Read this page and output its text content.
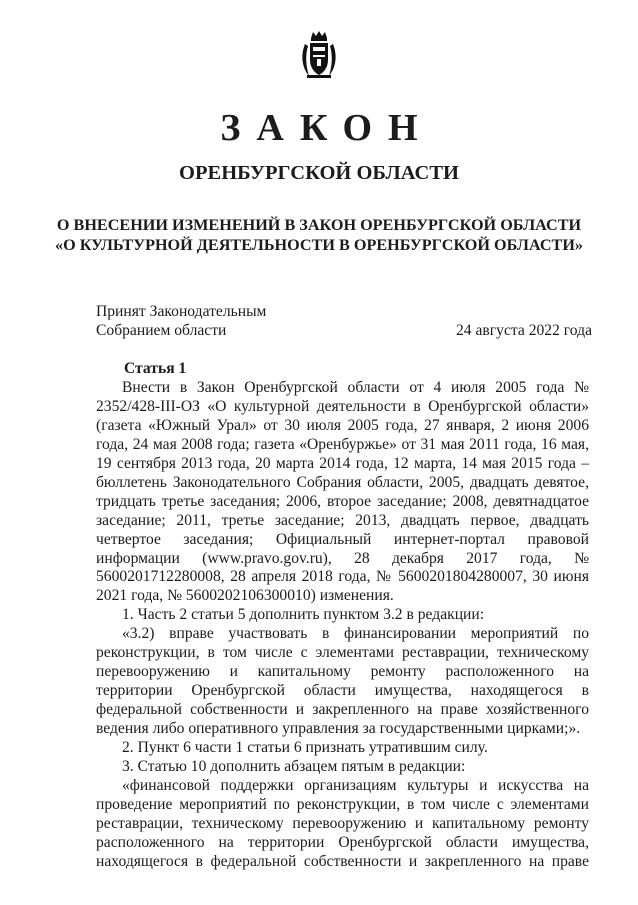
ЗАКОН
ОРЕНБУРГСКОЙ ОБЛАСТИ
О ВНЕСЕНИИ ИЗМЕНЕНИЙ В ЗАКОН ОРЕНБУРГСКОЙ ОБЛАСТИ
«О КУЛЬТУРНОЙ ДЕЯТЕЛЬНОСТИ В ОРЕНБУРГСКОЙ ОБЛАСТИ»
Принят Законодательным
Собранием области	24 августа 2022 года
Статья 1

Внести в Закон Оренбургской области от 4 июля 2005 года № 2352/428-III-ОЗ «О культурной деятельности в Оренбургской области» (газета «Южный Урал» от 30 июля 2005 года, 27 января, 2 июня 2006 года, 24 мая 2008 года; газета «Оренбуржье» от 31 мая 2011 года, 16 мая, 19 сентября 2013 года, 20 марта 2014 года, 12 марта, 14 мая 2015 года – бюллетень Законодательного Собрания области, 2005, двадцать девятое, тридцать третье заседания; 2006, второе заседание; 2008, девятнадцатое заседание; 2011, третье заседание; 2013, двадцать первое, двадцать четвертое заседания; Официальный интернет-портал правовой информации (www.pravo.gov.ru), 28 декабря 2017 года, № 5600201712280008, 28 апреля 2018 года, № 5600201804280007, 30 июня 2021 года, № 5600202106300010) изменения.

1. Часть 2 статьи 5 дополнить пунктом 3.2 в редакции:

«3.2) вправе участвовать в финансировании мероприятий по реконструкции, в том числе с элементами реставрации, техническому перевооружению и капитальному ремонту расположенного на территории Оренбургской области имущества, находящегося в федеральной собственности и закрепленного на праве хозяйственного ведения либо оперативного управления за государственными цирками;».

2. Пункт 6 части 1 статьи 6 признать утратившим силу.

3. Статью 10 дополнить абзацем пятым в редакции:

«финансовой поддержки организациям культуры и искусства на проведение мероприятий по реконструкции, в том числе с элементами реставрации, техническому перевооружению и капитальному ремонту расположенного на территории Оренбургской области имущества, находящегося в федеральной собственности и закрепленного на праве
